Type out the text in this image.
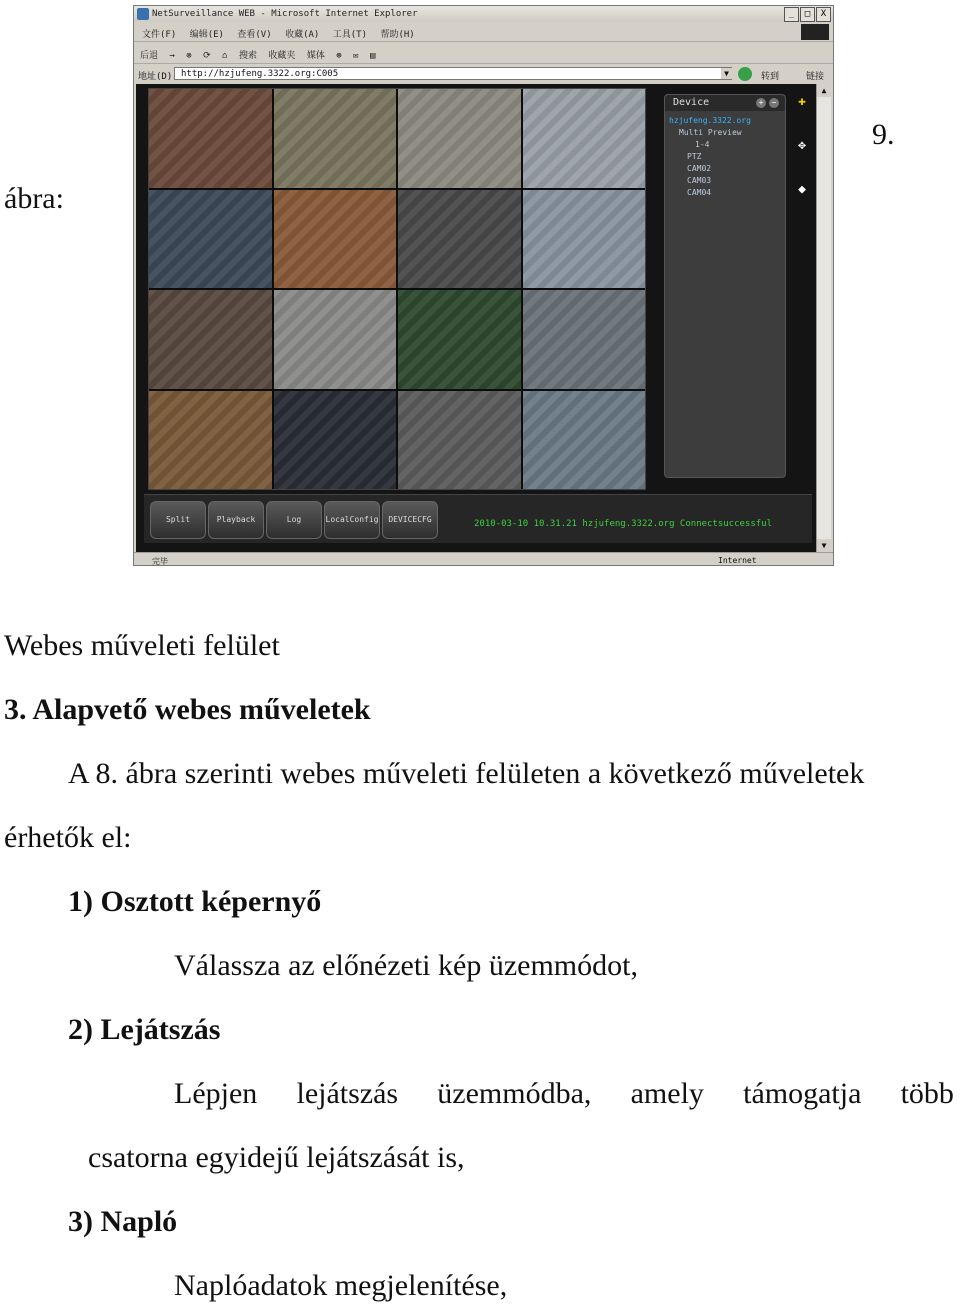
ábra:
9.
NetSurveillance WEB - Microsoft Internet Explorer	_	□	X
文件(F) 编辑(E) 查看(V) 收藏(A) 工具(T) 帮助(H)
后退 → ⊗ ⟳ ⌂ 搜索 收藏夹 媒体 ⊛ ✉ ▤
地址(D) http://hzjufeng.3322.org:C005	▼	转到	链接
Device	+	−
hzjufeng.3322.org
Multi Preview
1-4
PTZ
CAM02
CAM03
CAM04
✚
✥
◆
Split	Playback	Log	LocalConfig	DEVICECFG	2010-03-10 10.31.21 hzjufeng.3322.org Connectsuccessful
▲
▼
完毕	Internet
Webes műveleti felület
3. Alapvető webes műveletek
A 8. ábra szerinti webes műveleti felületen a következő műveletek
érhetők el:
1) Osztott képernyő
Válassza az előnézeti kép üzemmódot,
2) Lejátszás
Lépjen lejátszás üzemmódba, amely támogatja több
csatorna egyidejű lejátszását is,
3) Napló
Naplóadatok megjelenítése,
